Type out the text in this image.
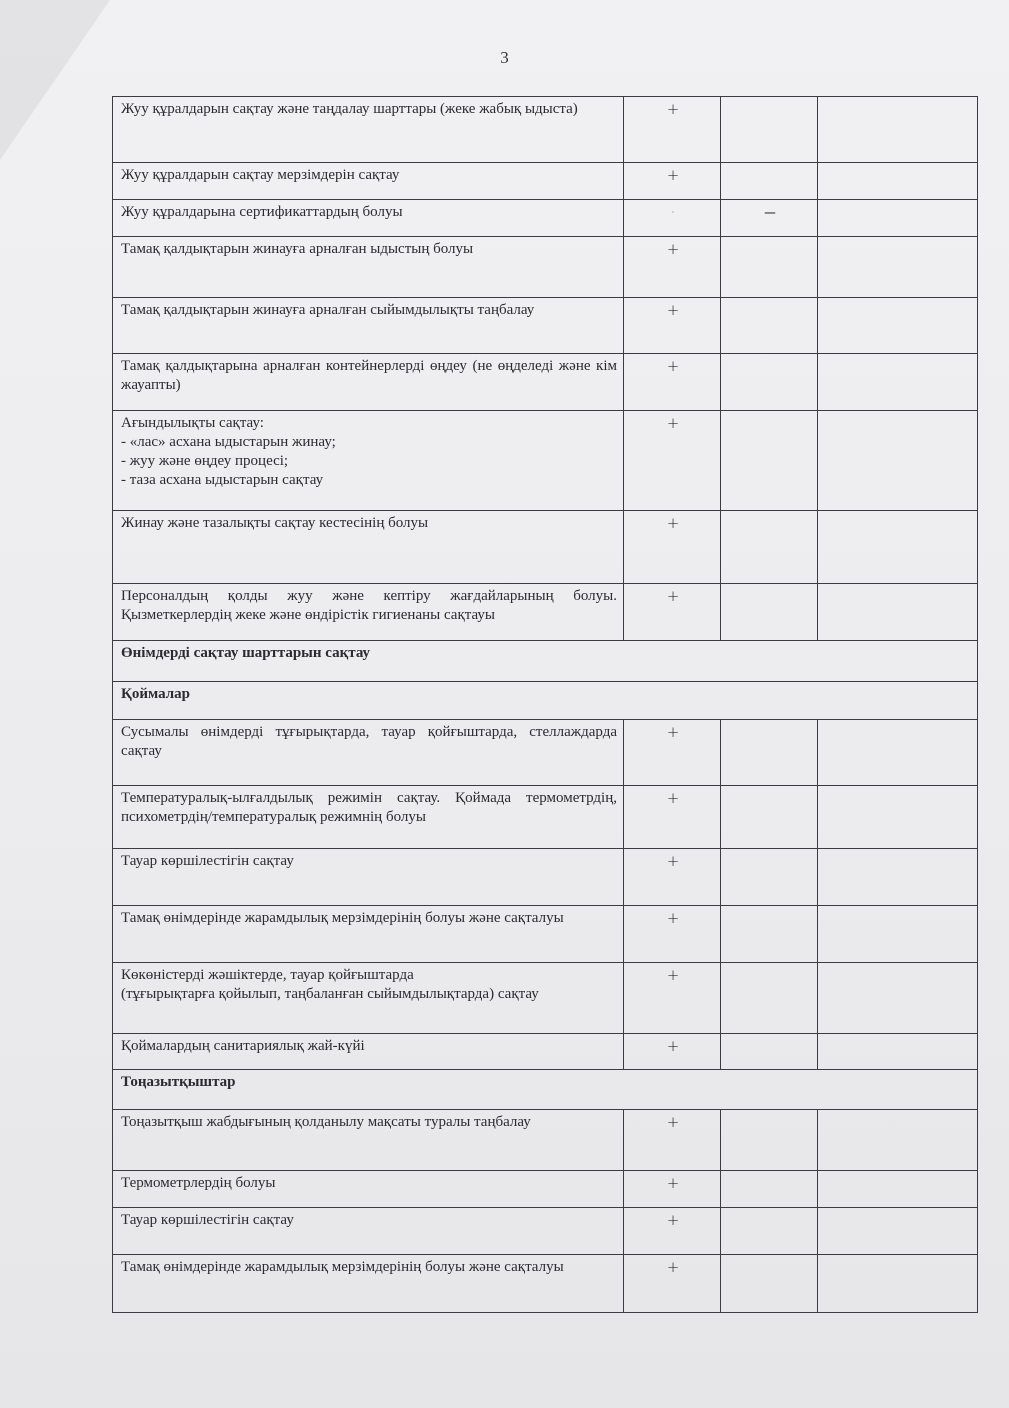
3
Жуу құралдарын сақтау және таңдалау шарттары (жеке жабық ыдыста)	+		
Жуу құралдарын сақтау мерзімдерін сақтау	+		
Жуу құралдарына сертификаттардың болуы	·	–	
Тамақ қалдықтарын жинауға арналған ыдыстың болуы	+		
Тамақ қалдықтарын жинауға арналған сыйымдылықты таңбалау	+		
Тамақ қалдықтарына арналған контейнерлерді өңдеу (не өңделеді және кім жауапты)	+		

Ағындылықты сақтау:
- «лас» асхана ыдыстарын жинау;
- жуу және өңдеу процесі;
- таза асхана ыдыстарын сақтау	+		
Жинау және тазалықты сақтау кестесінің болуы	+		
Персоналдың қолды жуу және кептіру жағдайларының болуы. Қызметкерлердің жеке және өндірістік гигиенаны сақтауы	+		
Өнімдерді сақтау шарттарын сақтау			
Қоймалар			
Сусымалы өнімдерді тұғырықтарда, тауар қойғыштарда, стеллаждарда сақтау	+		
Температуралық-ылғалдылық режимін сақтау. Қоймада термометрдің, психометрдің/температуралық режимнің болуы	+		
Тауар көршілестігін сақтау	+		
Тамақ өнімдерінде жарамдылық мерзімдерінің болуы және сақталуы	+		

Көкөністерді жәшіктерде, тауар қойғыштарда
(тұғырықтарға қойылып, таңбаланған сыйымдылықтарда) сақтау	+		
Қоймалардың санитариялық жай-күйі	+		
Тоңазытқыштар			
Тоңазытқыш жабдығының қолданылу мақсаты туралы таңбалау	+		
Термометрлердің болуы	+		
Тауар көршілестігін сақтау	+		
Тамақ өнімдерінде жарамдылық мерзімдерінің болуы және сақталуы	+		
